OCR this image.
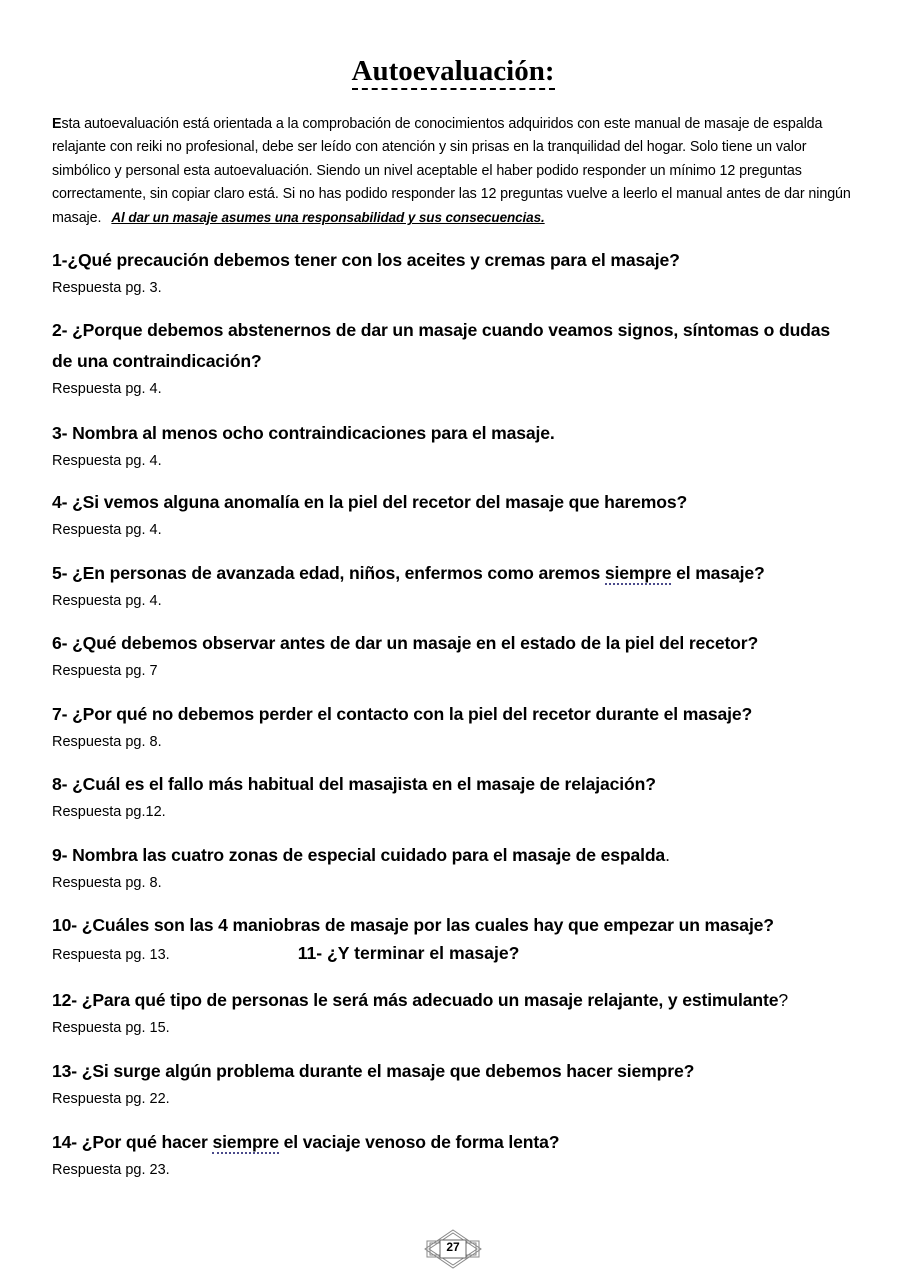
Autoevaluación:
Esta autoevaluación está orientada a la comprobación de conocimientos adquiridos con este manual de masaje de espalda relajante con reiki no profesional, debe ser leído con atención y sin prisas en la tranquilidad del hogar. Solo tiene un valor simbólico y personal esta autoevaluación. Siendo un nivel aceptable el haber podido responder un mínimo 12 preguntas correctamente, sin copiar claro está. Si no has podido responder las 12 preguntas vuelve a leerlo el manual antes de dar ningún masaje. Al dar un masaje asumes una responsabilidad y sus consecuencias.
1-¿Qué precaución debemos tener con los aceites y cremas para el masaje?
Respuesta pg. 3.
2- ¿Porque debemos abstenernos de dar un masaje cuando veamos signos, síntomas o dudas de una contraindicación?
Respuesta pg. 4.
3- Nombra al menos ocho contraindicaciones para el masaje.
Respuesta pg. 4.
4- ¿Si vemos alguna anomalía en la piel del recetor del masaje que haremos?
Respuesta pg. 4.
5- ¿En personas de avanzada edad, niños, enfermos como aremos siempre el masaje?
Respuesta pg. 4.
6- ¿Qué debemos observar antes de dar un masaje en el estado de la piel del recetor?
Respuesta pg. 7
7- ¿Por qué no debemos perder el contacto con la piel del recetor durante el masaje?
Respuesta pg. 8.
8- ¿Cuál es el fallo más habitual del masajista en el masaje de relajación?
Respuesta pg.12.
9- Nombra las cuatro zonas de especial cuidado para el masaje de espalda.
Respuesta pg. 8.
10- ¿Cuáles son las 4 maniobras de masaje por las cuales hay que empezar un masaje?
Respuesta pg. 13.	11- ¿Y terminar el masaje?
12- ¿Para qué tipo de personas le será más adecuado un masaje relajante, y estimulante?
Respuesta pg. 15.
13- ¿Si surge algún problema durante el masaje que debemos hacer siempre?
Respuesta pg. 22.
14- ¿Por qué hacer siempre el vaciaje venoso de forma lenta?
Respuesta pg. 23.
27
